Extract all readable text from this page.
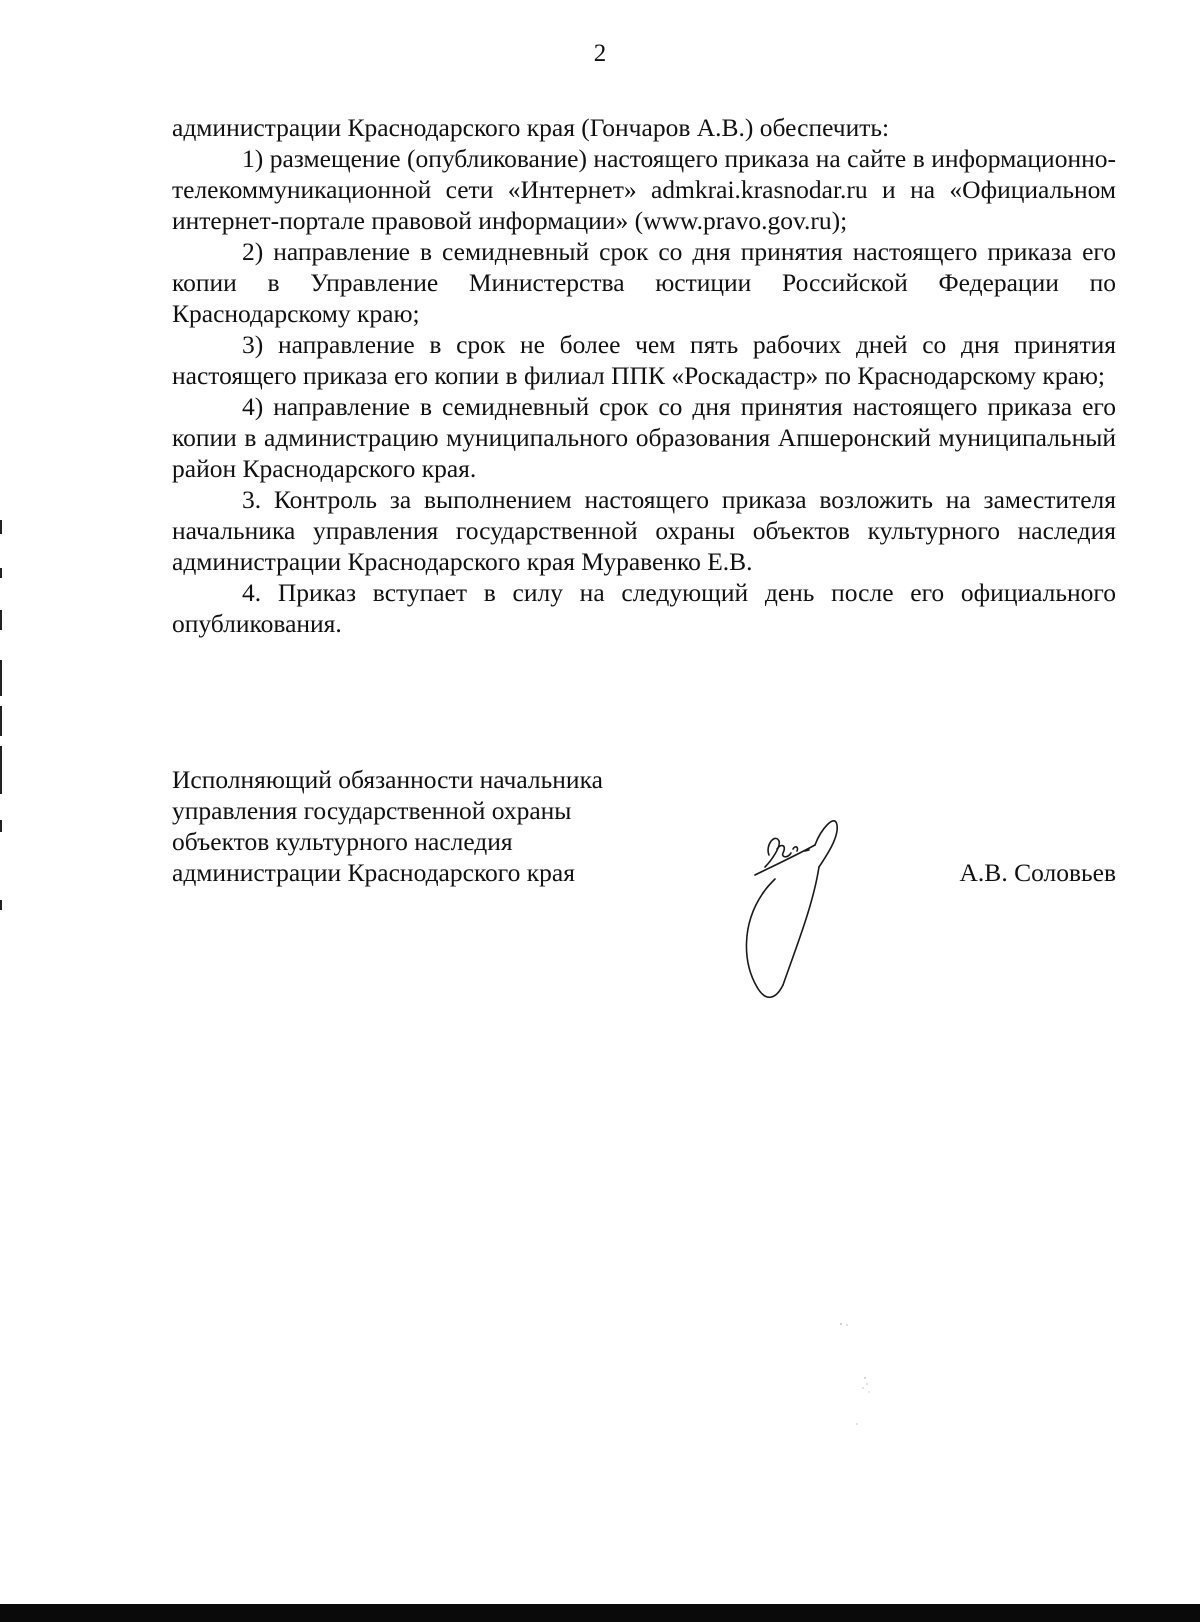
2

администрации Краснодарского края (Гончаров А.В.) обеспечить:

1) размещение (опубликование) настоящего приказа на сайте в информационно-телекоммуникационной сети «Интернет» admkrai.krasnodar.ru и на «Официальном интернет-портале правовой информации» (www.pravo.gov.ru);

2) направление в семидневный срок со дня принятия настоящего приказа его копии в Управление Министерства юстиции Российской Федерации по Краснодарскому краю;

3) направление в срок не более чем пять рабочих дней со дня принятия настоящего приказа его копии в филиал ППК «Роскадастр» по Краснодарскому краю;

4) направление в семидневный срок со дня принятия настоящего приказа его копии в администрацию муниципального образования Апшеронский муниципальный район Краснодарского края.

3. Контроль за выполнением настоящего приказа возложить на заместителя начальника управления государственной охраны объектов культурного наследия администрации Краснодарского края Муравенко Е.В.

4. Приказ вступает в силу на следующий день после его официального опубликования.

Исполняющий обязанности начальника
управления государственной охраны
объектов культурного наследия
администрации Краснодарского края	А.В. Соловьев
